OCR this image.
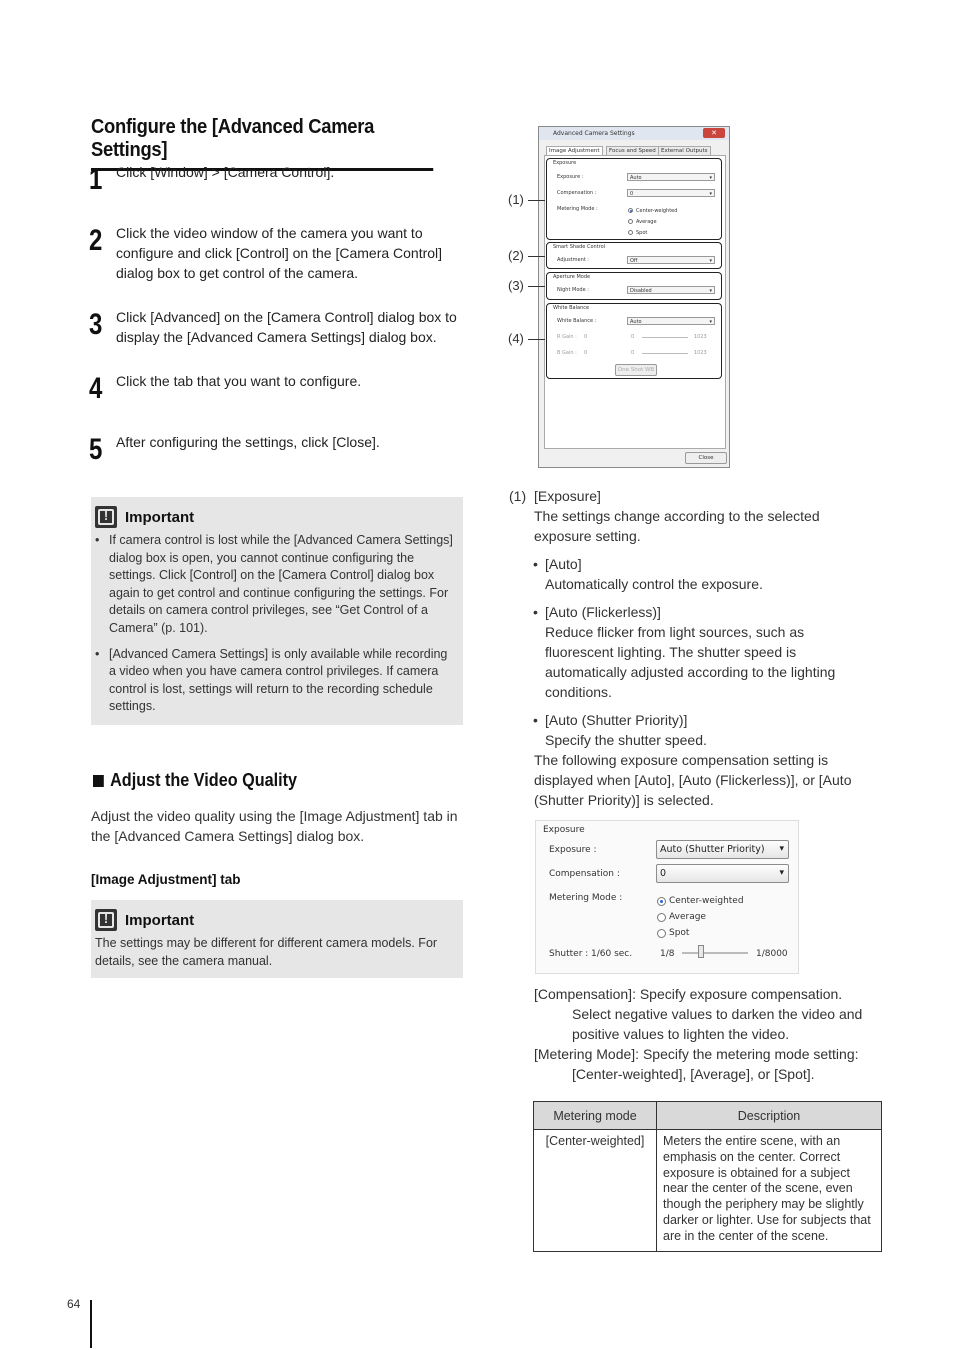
Configure the [Advanced Camera Settings]
1 Click [Window] > [Camera Control].
2 Click the video window of the camera you want to configure and click [Control] on the [Camera Control] dialog box to get control of the camera.
3 Click [Advanced] on the [Camera Control] dialog box to display the [Advanced Camera Settings] dialog box.
4 Click the tab that you want to configure.
5 After configuring the settings, click [Close].
!
Important
• If camera control is lost while the [Advanced Camera Settings] dialog box is open, you cannot continue configuring the settings. Click [Control] on the [Camera Control] dialog box again to get control and continue configuring the settings. For details on camera control privileges, see “Get Control of a Camera” (p. 101).
• [Advanced Camera Settings] is only available while recording a video when you have camera control privileges. If camera control is lost, settings will return to the recording schedule settings.
Adjust the Video Quality
Adjust the video quality using the [Image Adjustment] tab in the [Advanced Camera Settings] dialog box.
[Image Adjustment] tab
!
Important
The settings may be different for different camera models. For details, see the camera manual.
Advanced Camera Settings	✕
Image Adjustment	Focus and Speed External Outputs
Exposure
Exposure :	Auto ▾
Compensation :	0 ▾
Metering Mode :	Center-weighted
Average
Spot
Smart Shade Control
Adjustment :	Off ▾
Aperture Mode
Night Mode :	Disabled ▾
White Balance
White Balance :	Auto ▾
R Gain : 0	0	1023
B Gain : 0	0	1023
One Shot WB
Close
(1)
(2)
(3)
(4)
(1) [Exposure]
The settings change according to the selected exposure setting.
• [Auto]
Automatically control the exposure.
• [Auto (Flickerless)]
Reduce flicker from light sources, such as fluorescent lighting. The shutter speed is automatically adjusted according to the lighting conditions.
• [Auto (Shutter Priority)]
Specify the shutter speed.
The following exposure compensation setting is displayed when [Auto], [Auto (Flickerless)], or [Auto (Shutter Priority)] is selected.
Exposure
Exposure :	Auto (Shutter Priority) ▾
Compensation :	0 ▾
Metering Mode :	Center-weighted
Average
Spot
Shutter : 1/60 sec.	1/8	1/8000
[Compensation]: Specify exposure compensation.
Select negative values to darken the video and positive values to lighten the video.
[Metering Mode]: Specify the metering mode setting:
[Center-weighted], [Average], or [Spot].
Metering mode	Description
[Center-weighted]	Meters the entire scene, with an emphasis on the center. Correct exposure is obtained for a subject near the center of the scene, even though the periphery may be slightly darker or lighter. Use for subjects that are in the center of the scene.
64
